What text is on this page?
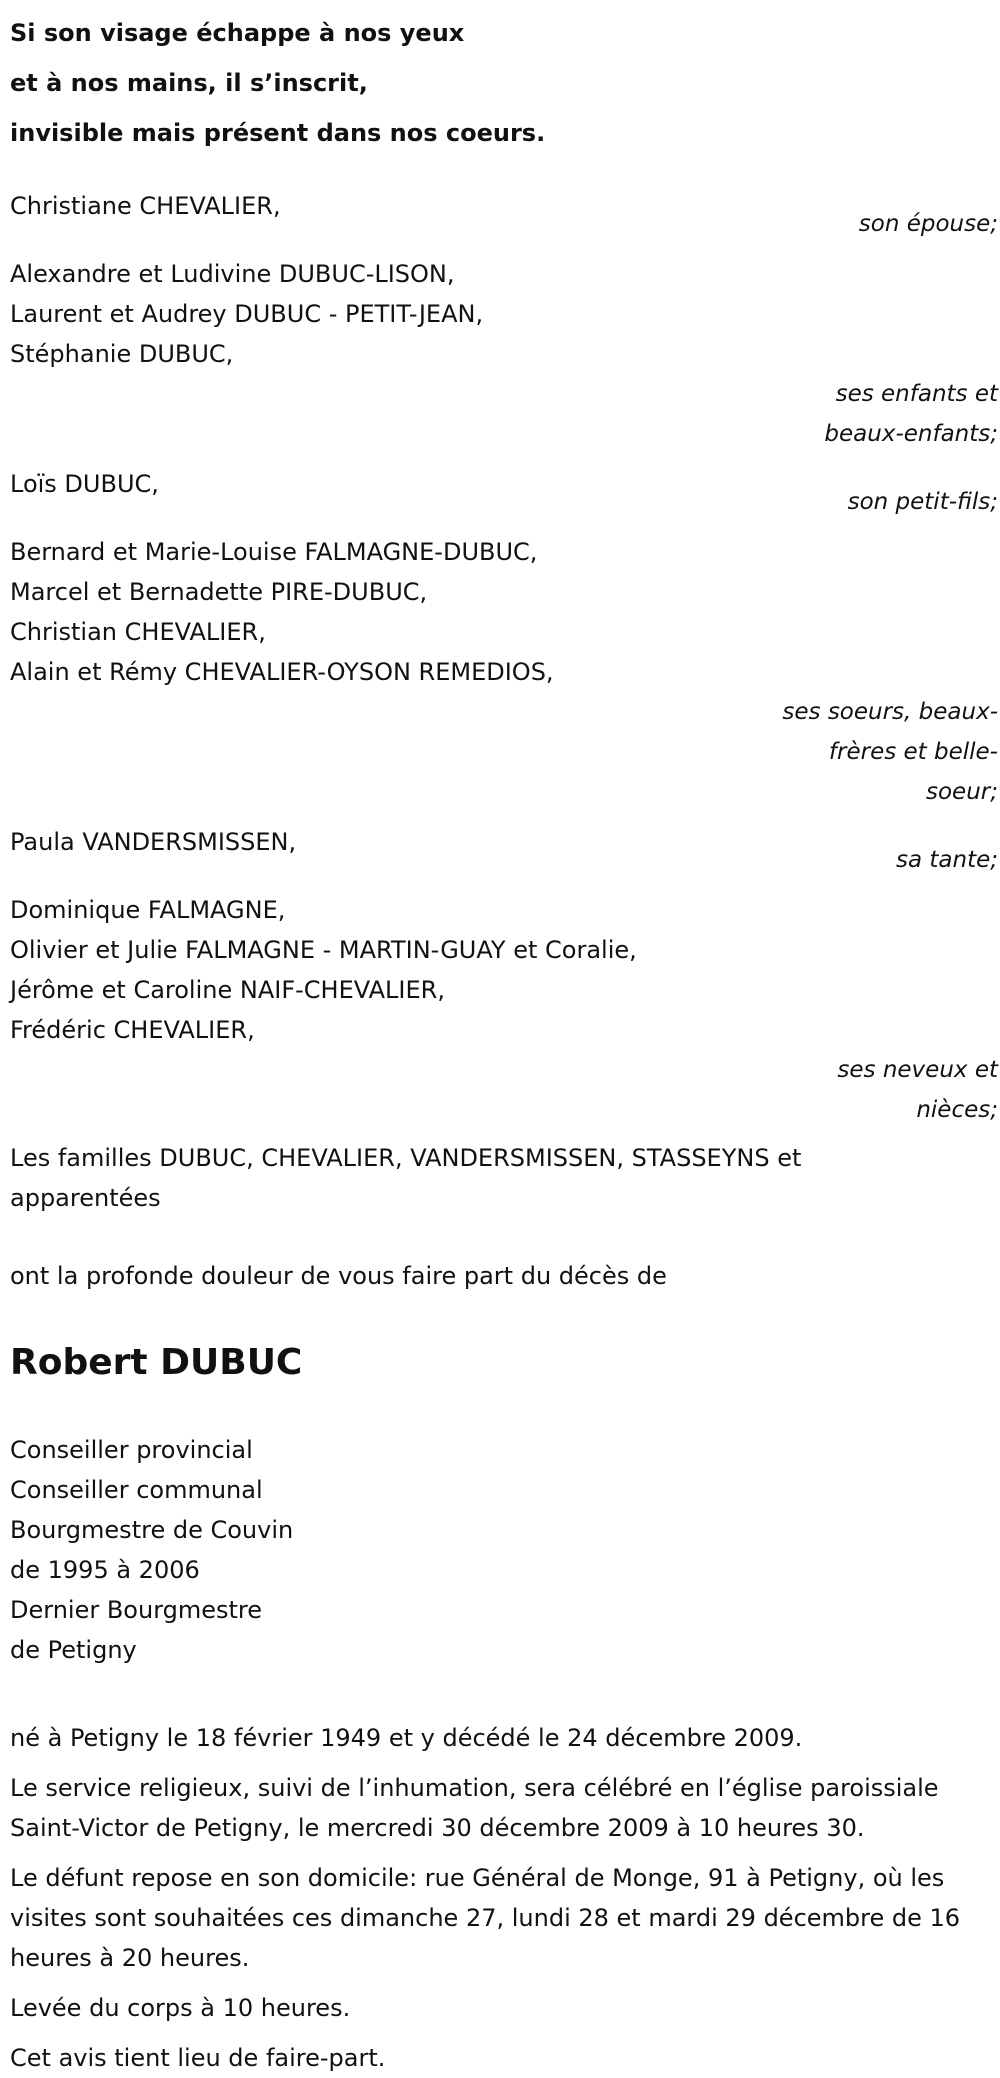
Si son visage échappe à nos yeux
et à nos mains, il s’inscrit,
invisible mais présent dans nos coeurs.
Christiane CHEVALIER,
son épouse;
Alexandre et Ludivine DUBUC-LISON,
Laurent et Audrey DUBUC - PETIT-JEAN,
Stéphanie DUBUC,
ses enfants et beaux-enfants;
Loïs DUBUC,
son petit-fils;
Bernard et Marie-Louise FALMAGNE-DUBUC,
Marcel et Bernadette PIRE-DUBUC,
Christian CHEVALIER,
Alain et Rémy CHEVALIER-OYSON REMEDIOS,
ses soeurs, beaux-frères et belle-soeur;
Paula VANDERSMISSEN,
sa tante;
Dominique FALMAGNE,
Olivier et Julie FALMAGNE - MARTIN-GUAY et Coralie,
Jérôme et Caroline NAIF-CHEVALIER,
Frédéric CHEVALIER,
ses neveux et nièces;
Les familles DUBUC, CHEVALIER, VANDERSMISSEN, STASSEYNS et apparentées
ont la profonde douleur de vous faire part du décès de
Robert DUBUC
Conseiller provincial
Conseiller communal
Bourgmestre de Couvin
de 1995 à 2006
Dernier Bourgmestre
de Petigny
né à Petigny le 18 février 1949 et y décédé le 24 décembre 2009.
Le service religieux, suivi de l’inhumation, sera célébré en l’église paroissiale Saint-Victor de Petigny, le mercredi 30 décembre 2009 à 10 heures 30.
Le défunt repose en son domicile: rue Général de Monge, 91 à Petigny, où les visites sont souhaitées ces dimanche 27, lundi 28 et mardi 29 décembre de 16 heures à 20 heures.
Levée du corps à 10 heures.
Cet avis tient lieu de faire-part.
